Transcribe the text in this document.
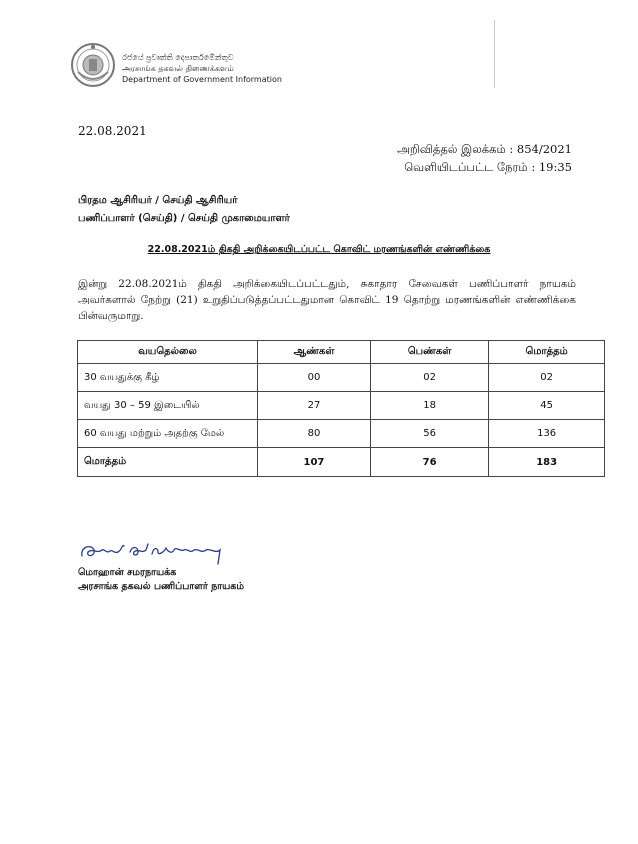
රජයේ ප්‍රවෘත්ති දෙපාර්තමේන්තුව
அரசாங்க தகவல் திணைக்களம்
Department of Government Information
22.08.2021
அறிவித்தல் இலக்கம் : 854/2021
வெளியிடப்பட்ட நேரம் : 19:35
பிரதம ஆசிரியர் / செய்தி ஆசிரியர்
பணிப்பாளர் (செய்தி) / செய்தி முகாமையாளர்
22.08.2021ம் திகதி அறிக்கையிடப்பட்ட கொவிட் மரணங்களின் எண்ணிக்கை
இன்று 22.08.2021ம் திகதி அறிக்கையிடப்பட்டதும், சுகாதார சேவைகள் பணிப்பாளர் நாயகம் அவர்களால் நேற்று (21) உறுதிப்படுத்தப்பட்டதுமான கொவிட் 19 தொற்று மரணங்களின் எண்ணிக்கை பின்வருமாறு.
வயதெல்லை	ஆண்கள்	பெண்கள்	மொத்தம்
30 வயதுக்கு கீழ்	00	02	02
வயது 30 – 59 இடையில்	27	18	45
60 வயது மற்றும் அதற்கு மேல்	80	56	136
மொத்தம்	107	76	183
மொஹான் சமரநாயக்க
அரசாங்க தகவல் பணிப்பாளர் நாயகம்
